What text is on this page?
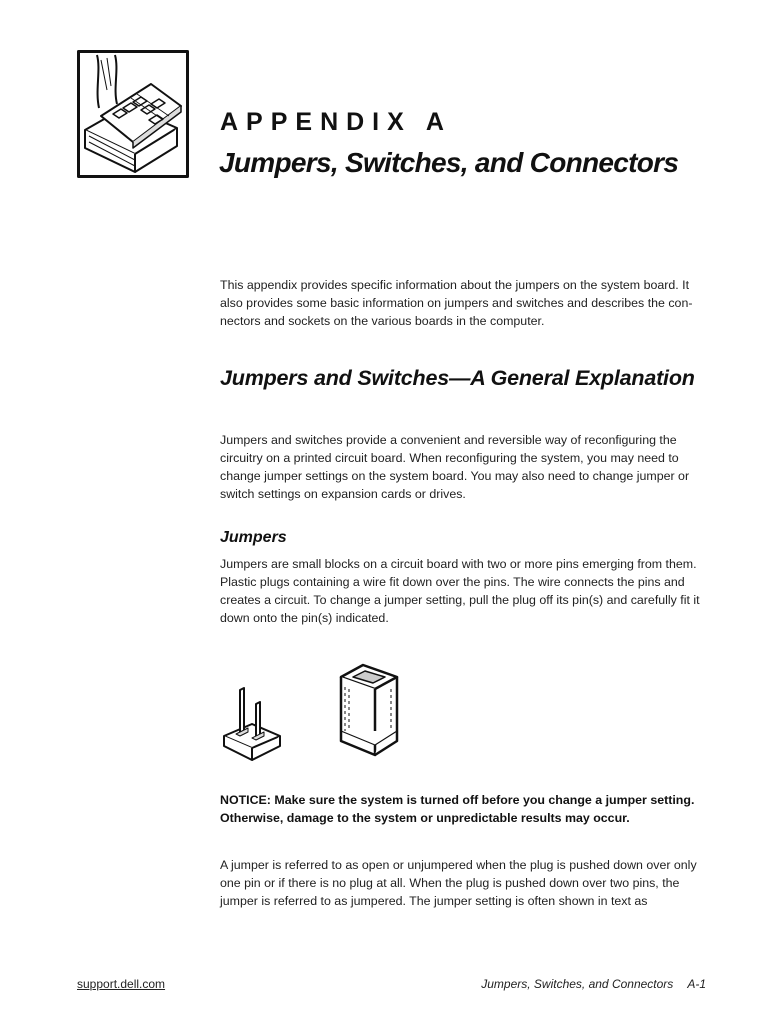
APPENDIX A
Jumpers, Switches, and Connectors

This appendix provides specific information about the jumpers on the system board. It also provides some basic information on jumpers and switches and describes the con-nectors and sockets on the various boards in the computer.

Jumpers and Switches—A General Explanation

Jumpers and switches provide a convenient and reversible way of reconfiguring the circuitry on a printed circuit board. When reconfiguring the system, you may need to change jumper settings on the system board. You may also need to change jumper or switch settings on expansion cards or drives.

Jumpers

Jumpers are small blocks on a circuit board with two or more pins emerging from them. Plastic plugs containing a wire fit down over the pins. The wire connects the pins and creates a circuit. To change a jumper setting, pull the plug off its pin(s) and carefully fit it down onto the pin(s) indicated.

NOTICE: Make sure the system is turned off before you change a jumper setting. Otherwise, damage to the system or unpredictable results may occur.

A jumper is referred to as open or unjumpered when the plug is pushed down over only one pin or if there is no plug at all. When the plug is pushed down over two pins, the jumper is referred to as jumpered. The jumper setting is often shown in text as

support.dell.com	Jumpers, Switches, and Connectors A-1
